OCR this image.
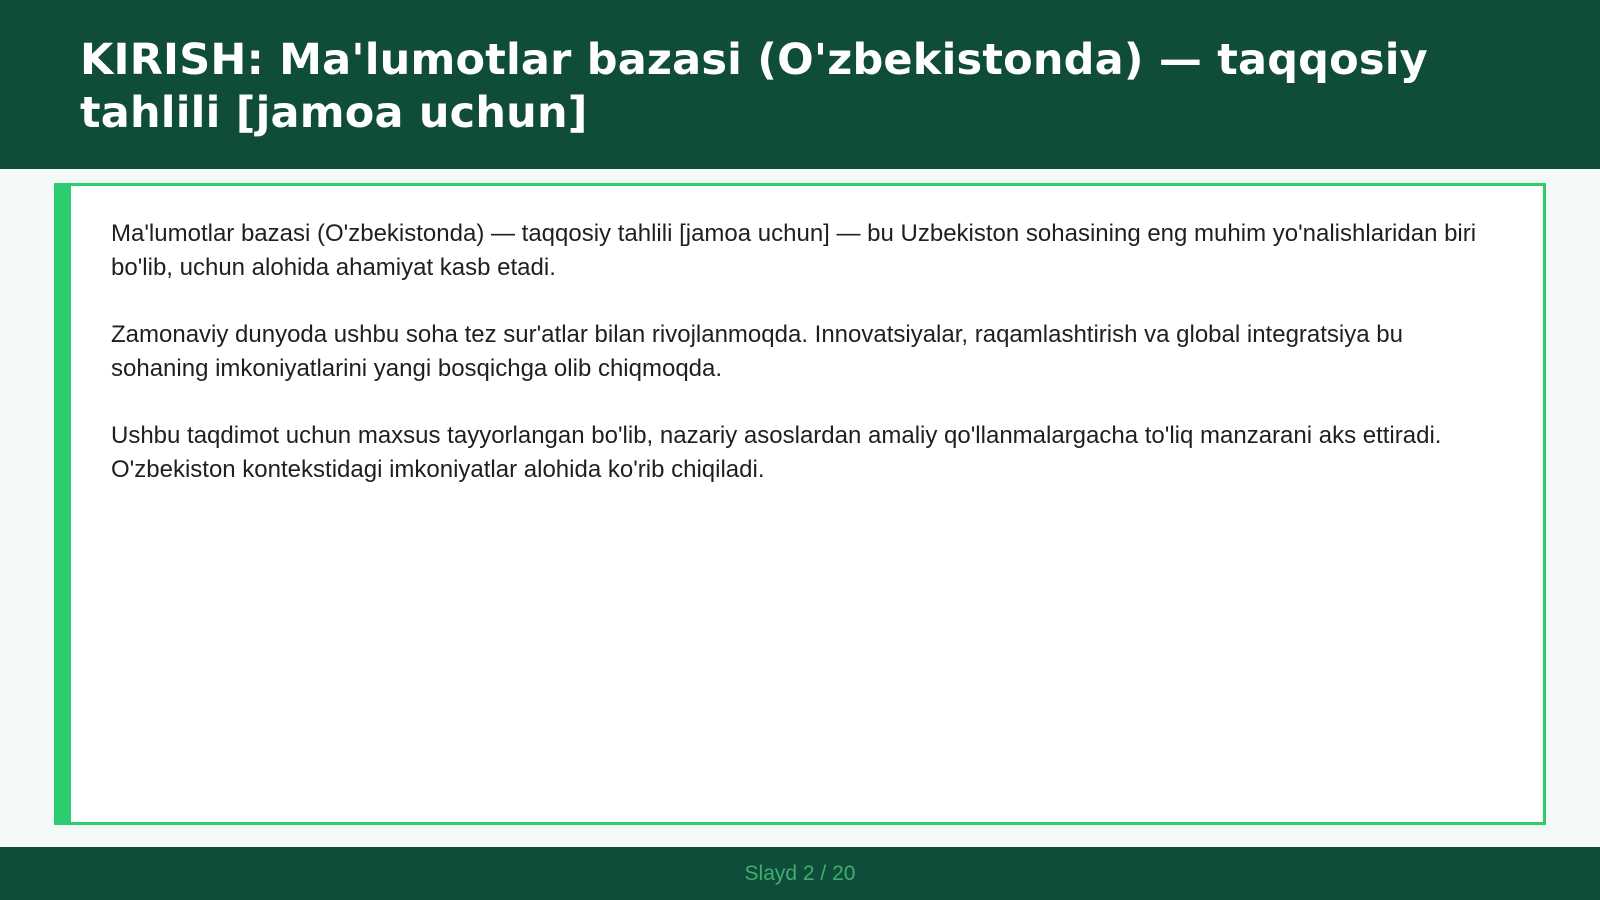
KIRISH: Ma'lumotlar bazasi (O'zbekistonda) — taqqosiy tahlili [jamoa uchun]

Ma'lumotlar bazasi (O'zbekistonda) — taqqosiy tahlili [jamoa uchun] — bu Uzbekiston sohasining eng muhim yo'nalishlaridan biri bo'lib, uchun alohida ahamiyat kasb etadi.

Zamonaviy dunyoda ushbu soha tez sur'atlar bilan rivojlanmoqda. Innovatsiyalar, raqamlashtirish va global integratsiya bu sohaning imkoniyatlarini yangi bosqichga olib chiqmoqda.

Ushbu taqdimot uchun maxsus tayyorlangan bo'lib, nazariy asoslardan amaliy qo'llanmalargacha to'liq manzarani aks ettiradi. O'zbekiston kontekstidagi imkoniyatlar alohida ko'rib chiqiladi.

Slayd 2 / 20
